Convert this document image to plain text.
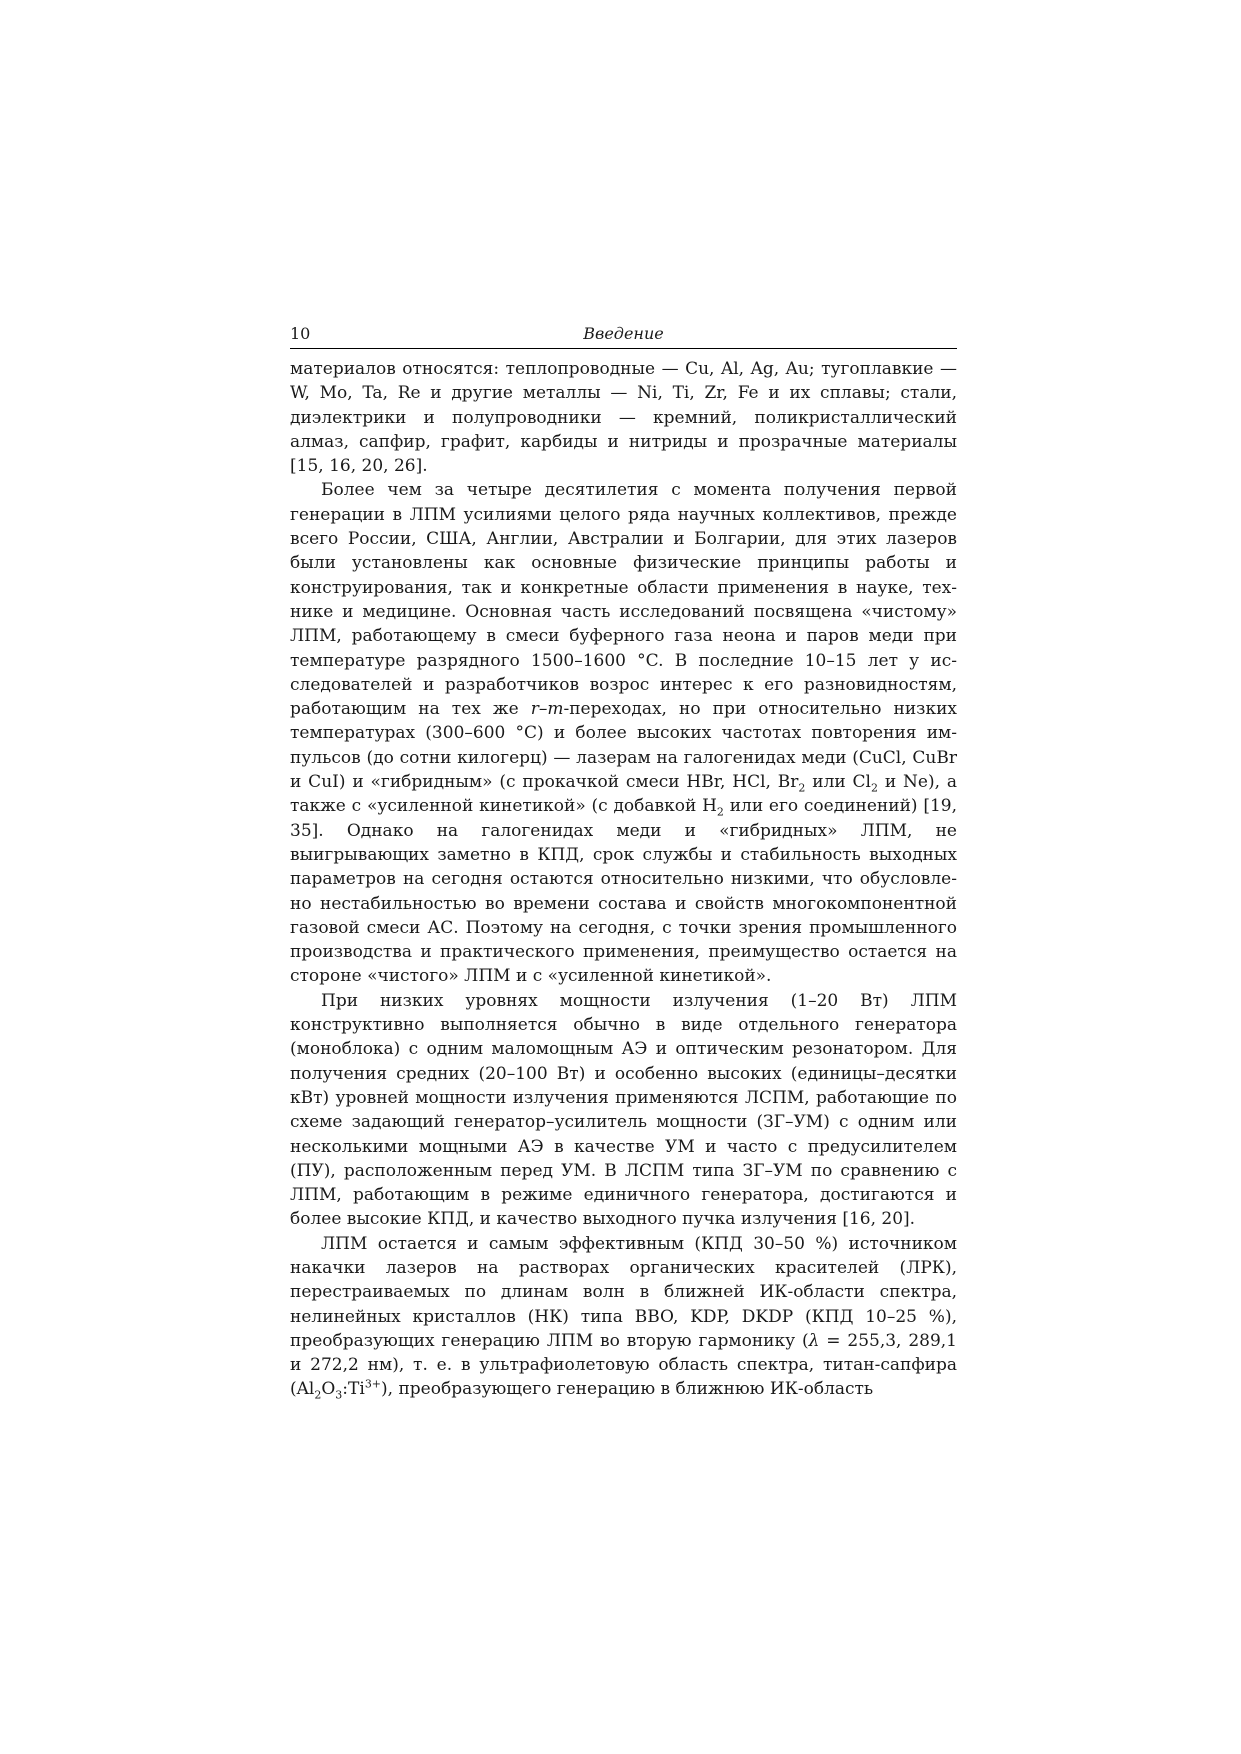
10	Введение

материалов относятся: теплопроводные — Cu, Al, Ag, Au; тугоплавкие — W, Mo, Ta, Re и другие металлы — Ni, Ti, Zr, Fe и их сплавы; стали, диэлектрики и полупроводники — кремний, поликристаллический алмаз, сапфир, графит, карбиды и нитриды и прозрачные материалы [15, 16, 20, 26].

Более чем за четыре десятилетия с момента получения первой генерации в ЛПМ усилиями целого ряда научных коллективов, прежде всего России, США, Англии, Австралии и Болгарии, для этих лазеров были установлены как основные физические принципы работы и конструирования, так и конкретные области применения в науке, технике и медицине. Основная часть исследований посвящена «чистому» ЛПМ, работающему в смеси буферного газа неона и паров меди при температуре разрядного 1500–1600 °C. В последние 10–15 лет у исследователей и разработчиков возрос интерес к его разновидностям, работающим на тех же r–m-переходах, но при относительно низких температурах (300–600 °C) и более высоких частотах повторения импульсов (до сотни килогерц) — лазерам на галогенидах меди (CuCl, CuBr и CuI) и «гибридным» (с прокачкой смеси HBr, HCl, $Br_2$ или $Cl_2$ и Ne), а также с «усиленной кинетикой» (с добавкой $H_2$ или его соединений) [19, 35]. Однако на галогенидах меди и «гибридных» ЛПМ, не выигрывающих заметно в КПД, срок службы и стабильность выходных параметров на сегодня остаются относительно низкими, что обусловлено нестабильностью во времени состава и свойств многокомпонентной газовой смеси АС. Поэтому на сегодня, с точки зрения промышленного производства и практического применения, преимущество остается на стороне «чистого» ЛПМ и с «усиленной кинетикой».

При низких уровнях мощности излучения (1–20 Вт) ЛПМ конструктивно выполняется обычно в виде отдельного генератора (моноблока) с одним маломощным АЭ и оптическим резонатором. Для получения средних (20–100 Вт) и особенно высоких (единицы–десятки кВт) уровней мощности излучения применяются ЛСПМ, работающие по схеме задающий генератор–усилитель мощности (ЗГ–УМ) с одним или несколькими мощными АЭ в качестве УМ и часто с предусилителем (ПУ), расположенным перед УМ. В ЛСПМ типа ЗГ–УМ по сравнению с ЛПМ, работающим в режиме единичного генератора, достигаются и более высокие КПД, и качество выходного пучка излучения [16, 20].

ЛПМ остается и самым эффективным (КПД 30–50 %) источником накачки лазеров на растворах органических красителей (ЛРК), перестраиваемых по длинам волн в ближней ИК-области спектра, нелинейных кристаллов (НК) типа BBO, KDP, DKDP (КПД 10–25 %), преобразующих генерацию ЛПМ во вторую гармонику (λ = 255,3, 289,1 и 272,2 нм), т. е. в ультрафиолетовую область спектра, титан-сапфира $(Al_2O_3:Ti^{3+})$, преобразующего генерацию в ближнюю ИК-область
